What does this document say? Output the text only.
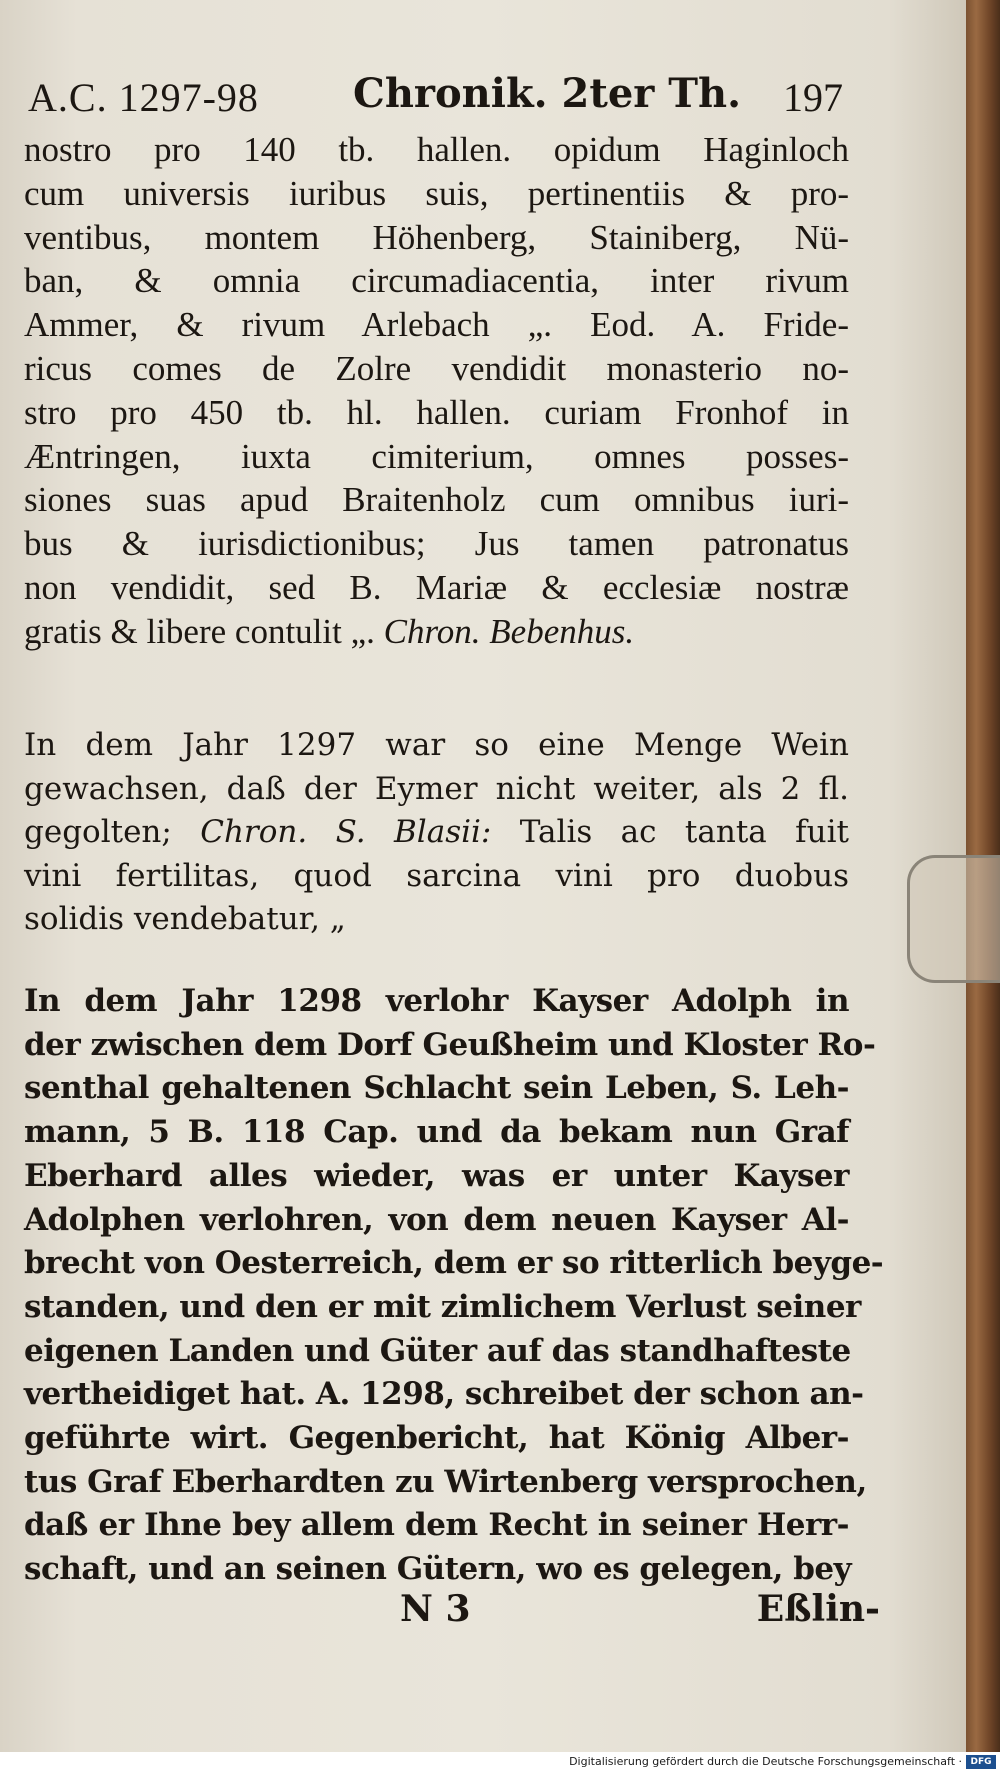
A.C. 1297-98 Chronik. 2ter Th. 197
nostro pro 140 tb. hallen. opidum Haginloch
cum universis iuribus suis, pertinentiis & pro-
ventibus, montem Höhenberg, Stainiberg, Nü-
ban, & omnia circumadiacentia, inter rivum
Ammer, & rivum Arlebach „. Eod. A. Fride-
ricus comes de Zolre vendidit monasterio no-
stro pro 450 tb. hl. hallen. curiam Fronhof in
Æntringen, iuxta cimiterium, omnes posses-
siones suas apud Braitenholz cum omnibus iuri-
bus & iurisdictionibus; Jus tamen patronatus
non vendidit, sed B. Mariæ & ecclesiæ nostræ
gratis & libere contulit „. Chron. Bebenhus.
In dem Jahr 1297 war so eine Menge Wein
gewachsen, daß der Eymer nicht weiter, als 2 fl.
gegolten; Chron. S. Blasii: Talis ac tanta fuit
vini fertilitas, quod sarcina vini pro duobus
solidis vendebatur, „
In dem Jahr 1298 verlohr Kayser Adolph in
der zwischen dem Dorf Geußheim und Kloster Ro-
senthal gehaltenen Schlacht sein Leben, S. Leh-
mann, 5 B. 118 Cap. und da bekam nun Graf
Eberhard alles wieder, was er unter Kayser
Adolphen verlohren, von dem neuen Kayser Al-
brecht von Oesterreich, dem er so ritterlich beyge-
standen, und den er mit zimlichem Verlust seiner
eigenen Landen und Güter auf das standhafteste
vertheidiget hat. A. 1298, schreibet der schon an-
geführte wirt. Gegenbericht, hat König Alber-
tus Graf Eberhardten zu Wirtenberg versprochen,
daß er Ihne bey allem dem Recht in seiner Herr-
schaft, und an seinen Gütern, wo es gelegen, bey
N 3	Eßlin-
Digitalisierung gefördert durch die Deutsche Forschungsgemeinschaft · DFG
